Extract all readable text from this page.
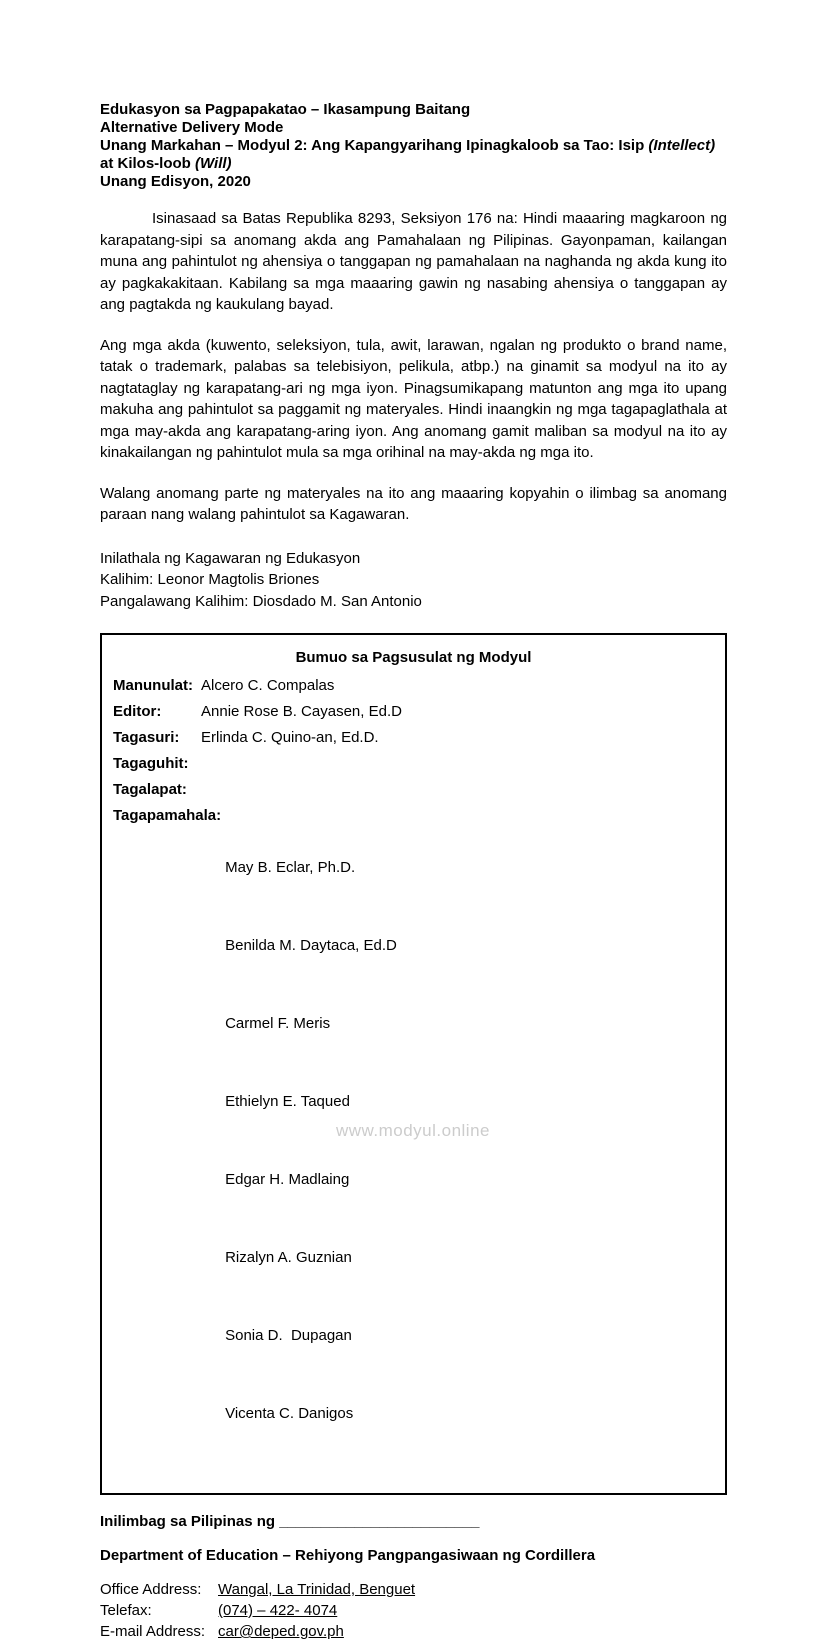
Edukasyon sa Pagpapakatao – Ikasampung Baitang
Alternative Delivery Mode
Unang Markahan – Modyul 2: Ang Kapangyarihang Ipinagkaloob sa Tao: Isip (Intellect)
at Kilos-loob (Will)
Unang Edisyon, 2020

Isinasaad sa Batas Republika 8293, Seksiyon 176 na: Hindi maaaring magkaroon ng karapatang-sipi sa anomang akda ang Pamahalaan ng Pilipinas. Gayonpaman, kailangan muna ang pahintulot ng ahensiya o tanggapan ng pamahalaan na naghanda ng akda kung ito ay pagkakakitaan. Kabilang sa mga maaaring gawin ng nasabing ahensiya o tanggapan ay ang pagtakda ng kaukulang bayad.

Ang mga akda (kuwento, seleksiyon, tula, awit, larawan, ngalan ng produkto o brand name, tatak o trademark, palabas sa telebisiyon, pelikula, atbp.) na ginamit sa modyul na ito ay nagtataglay ng karapatang-ari ng mga iyon. Pinagsumikapang matunton ang mga ito upang makuha ang pahintulot sa paggamit ng materyales. Hindi inaangkin ng mga tagapaglathala at mga may-akda ang karapatang-aring iyon. Ang anomang gamit maliban sa modyul na ito ay kinakailangan ng pahintulot mula sa mga orihinal na may-akda ng mga ito.

Walang anomang parte ng materyales na ito ang maaaring kopyahin o ilimbag sa anomang paraan nang walang pahintulot sa Kagawaran.

Inilathala ng Kagawaran ng Edukasyon
Kalihim: Leonor Magtolis Briones
Pangalawang Kalihim: Diosdado M. San Antonio
Bumuo sa Pagsusulat ng Modyul
Manunulat: Alcero C. Compalas
Editor:	Annie Rose B. Cayasen, Ed.D
Tagasuri:	Erlinda C. Quino-an, Ed.D.
Tagaguhit:
Tagalapat:
Tagapamahala:

May B. Eclar, Ph.D.

Benilda M. Daytaca, Ed.D

Carmel F. Meris

Ethielyn E. Taqued

Edgar H. Madlaing

Rizalyn A. Guznian

Sonia D.  Dupagan

Vicenta C. Danigos

Inilimbag sa Pilipinas ng ________________________
Department of Education – Rehiyong Pangpangasiwaan ng Cordillera
Office Address:	Wangal, La Trinidad, Benguet
Telefax:	(074) – 422- 4074
E-mail Address: car@deped.gov.ph
www.modyul.online
